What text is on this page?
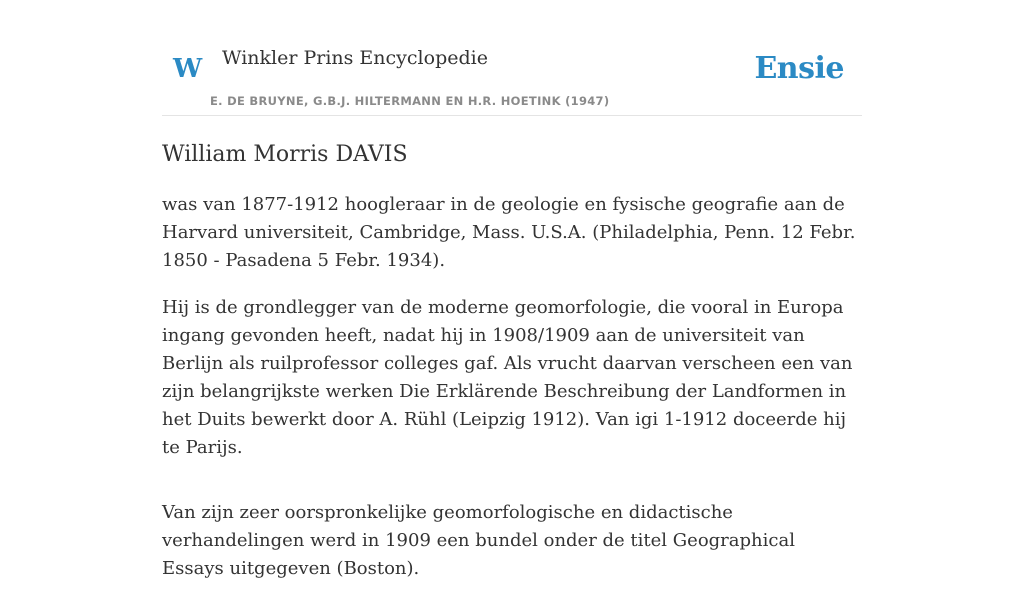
W Winkler Prins Encyclopedie
E. DE BRUYNE, G.B.J. HILTERMANN EN H.R. HOETINK (1947)
Ensie
William Morris DAVIS

was van 1877-1912 hoogleraar in de geologie en fysische geografie aan de Harvard universiteit, Cambridge, Mass. U.S.A. (Philadelphia, Penn. 12 Febr. 1850 - Pasadena 5 Febr. 1934).

Hij is de grondlegger van de moderne geomorfologie, die vooral in Europa ingang gevonden heeft, nadat hij in 1908/1909 aan de universiteit van Berlijn als ruilprofessor colleges gaf. Als vrucht daarvan verscheen een van zijn belangrijkste werken Die Erklärende Beschreibung der Landformen in het Duits bewerkt door A. Rühl (Leipzig 1912). Van igi 1-1912 doceerde hij te Parijs.

Van zijn zeer oorspronkelijke geomorfologische en didactische verhandelingen werd in 1909 een bundel onder de titel Geographical Essays uitgegeven (Boston).
